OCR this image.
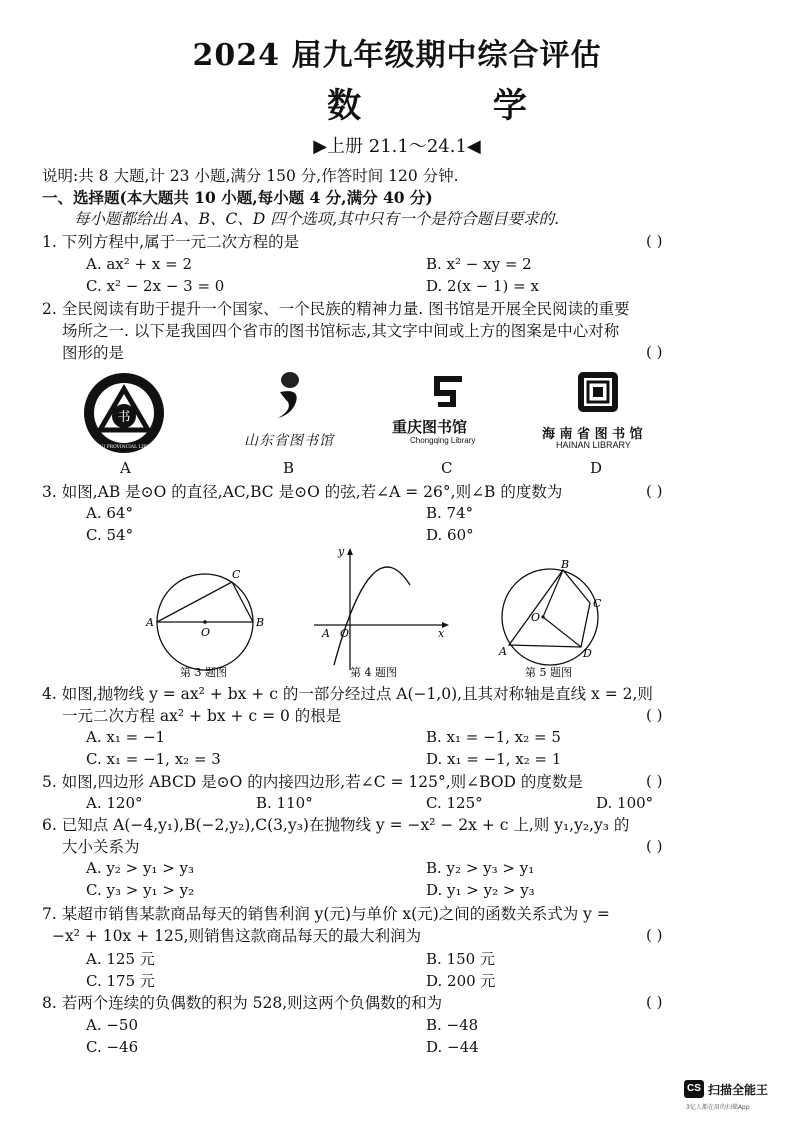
2024 届九年级期中综合评估
数 学
▶上册 21.1～24.1◀
说明:共 8 大题,计 23 小题,满分 150 分,作答时间 120 分钟.
一、选择题(本大题共 10 小题,每小题 4 分,满分 40 分)
每小题都给出 A、B、C、D 四个选项,其中只有一个是符合题目要求的.
1. 下列方程中,属于一元二次方程的是	( )
A. ax² + x = 2	B. x² − xy = 2
C. x² − 2x − 3 = 0	D. 2(x − 1) = x
2. 全民阅读有助于提升一个国家、一个民族的精神力量. 图书馆是开展全民阅读的重要
场所之一. 以下是我国四个省市的图书馆标志,其文字中间或上方的图案是中心对称
图形的是	( )
书
ANHUI PROVINCIAL LIBRARY
A
山东省图书馆
B
重庆图书馆
Chongqing Library
C
海 南 省 图 书 馆
HAINAN LIBRARY
D
3. 如图,AB 是⊙O 的直径,AC,BC 是⊙O 的弦,若∠A = 26°,则∠B 的度数为	( )
A. 64°	B. 74°
C. 54°	D. 60°
A	B
C
O
第 3 题图
y
x
A O
第 4 题图
A
B
C
D
O
第 5 题图
4. 如图,抛物线 y = ax² + bx + c 的一部分经过点 A(−1,0),且其对称轴是直线 x = 2,则
一元二次方程 ax² + bx + c = 0 的根是	( )
A. x₁ = −1	B. x₁ = −1, x₂ = 5
C. x₁ = −1, x₂ = 3	D. x₁ = −1, x₂ = 1
5. 如图,四边形 ABCD 是⊙O 的内接四边形,若∠C = 125°,则∠BOD 的度数是	( )
A. 120°	B. 110°	C. 125°	D. 100°
6. 已知点 A(−4,y₁),B(−2,y₂),C(3,y₃)在抛物线 y = −x² − 2x + c 上,则 y₁,y₂,y₃ 的
大小关系为	( )
A. y₂ > y₁ > y₃	B. y₂ > y₃ > y₁
C. y₃ > y₁ > y₂	D. y₁ > y₂ > y₃
7. 某超市销售某款商品每天的销售利润 y(元)与单价 x(元)之间的函数关系式为 y =
−x² + 10x + 125,则销售这款商品每天的最大利润为	( )
A. 125 元	B. 150 元
C. 175 元	D. 200 元
8. 若两个连续的负偶数的积为 528,则这两个负偶数的和为	( )
A. −50	B. −48
C. −46	D. −44
CS 扫描全能王
3亿人都在用的扫描App
